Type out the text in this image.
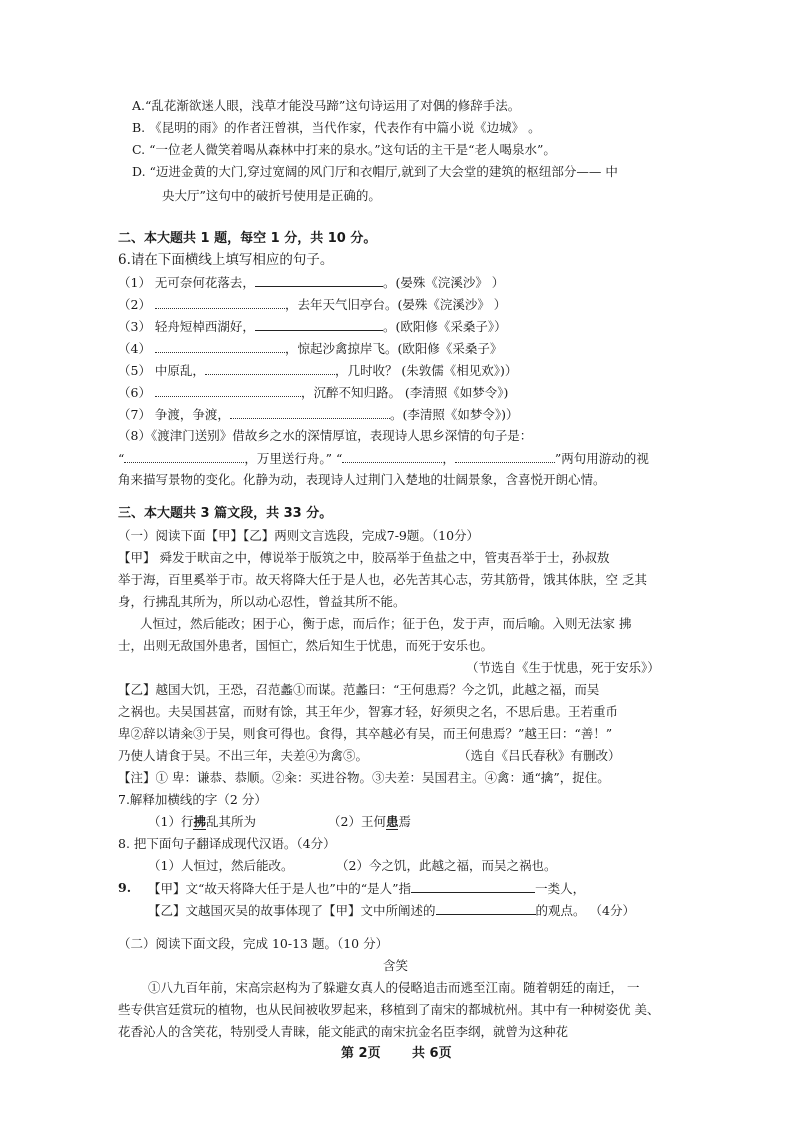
A.“乱花渐欲迷人眼，浅草才能没马蹄”这句诗运用了对偶的修辞手法。
B. 《昆明的雨》的作者汪曾祺，当代作家，代表作有中篇小说《边城》 。
C. “一位老人微笑着喝从森林中打来的泉水。”这句话的主干是“老人喝泉水”。
D. “迈进金黄的大门,穿过宽阔的风门厅和衣帽厅,就到了大会堂的建筑的枢纽部分—— 中
央大厅”这句中的破折号使用是正确的。
二、本大题共 1 题，每空 1 分，共 10 分。
6.请在下面横线上填写相应的句子。
（1） 无可奈何花落去，	。(晏殊《浣溪沙》 ）
（2）	，去年天气旧亭台。(晏殊《浣溪沙》 ）
（3） 轻舟短棹西湖好，	。(欧阳修《采桑子》）
（4）	，惊起沙禽掠岸飞。(欧阳修《采桑子》
（5） 中原乱，	，几时收？ (朱敦儒《相见欢》)）
（6）	，沉醉不知归路。 (李清照《如梦令》)
（7） 争渡，争渡，	。(李清照《如梦令》)）
（8）《渡津门送别》借故乡之水的深情厚谊，表现诗人思乡深情的句子是：
“	，万里送行舟。” “	，	”两句用游动的视
角来描写景物的变化。化静为动，表现诗人过荆门入楚地的壮阔景象，含喜悦开朗心情。
三、本大题共 3 篇文段，共 33 分。
（一）阅读下面【甲】【乙】两则文言选段，完成7-9题。（10分）
【甲】 舜发于畎亩之中，傅说举于版筑之中，胶鬲举于鱼盐之中，管夷吾举于士，孙叔敖
举于海，百里奚举于市。故天将降大任于是人也，必先苦其心志，劳其筋骨，饿其体肤，空 乏其
身，行拂乱其所为，所以动心忍性，曾益其所不能。
人恒过，然后能改；困于心，衡于虑，而后作；征于色，发于声，而后喻。入则无法家 拂
士，出则无敌国外患者，国恒亡，然后知生于忧患，而死于安乐也。
（节选自《生于忧患，死于安乐》）
【乙】越国大饥，王恐，召范蠡①而谋。范蠡曰：“王何患焉？今之饥，此越之福，而吴
之祸也。夫吴国甚富，而财有馀，其王年少，智寡才轻，好须臾之名，不思后患。王若重币
卑②辞以请籴③于吴，则食可得也。食得，其卒越必有吴，而王何患焉？”越王曰：“善！”
乃使人请食于吴。不出三年，夫差④为禽⑤。	（选自《吕氏春秋》有删改）
【注】① 卑：谦恭、恭顺。②籴：买进谷物。③夫差：吴国君主。④禽：通“擒”，捉住。
7.解释加横线的字（2 分）
（1）行拂乱其所为	（2）王何患焉
8. 把下面句子翻译成现代汉语。（4分）
（1）人恒过，然后能改。	（2）今之饥，此越之福，而吴之祸也。
9. 【甲】文“故天将降大任于是人也”中的“是人”指	一类人，
【乙】文越国灭吴的故事体现了【甲】文中所阐述的	的观点。 （4分）
（二）阅读下面文段，完成 10-13 题。（10 分）
含笑
①八九百年前，宋高宗赵构为了躲避女真人的侵略追击而逃至江南。随着朝廷的南迁， 一
些专供宫廷赏玩的植物，也从民间被收罗起来，移植到了南宋的都城杭州。其中有一种树姿优 美、
花香沁人的含笑花，特别受人青睐，能文能武的南宋抗金名臣李纲，就曾为这种花
第 2页 共 6页
